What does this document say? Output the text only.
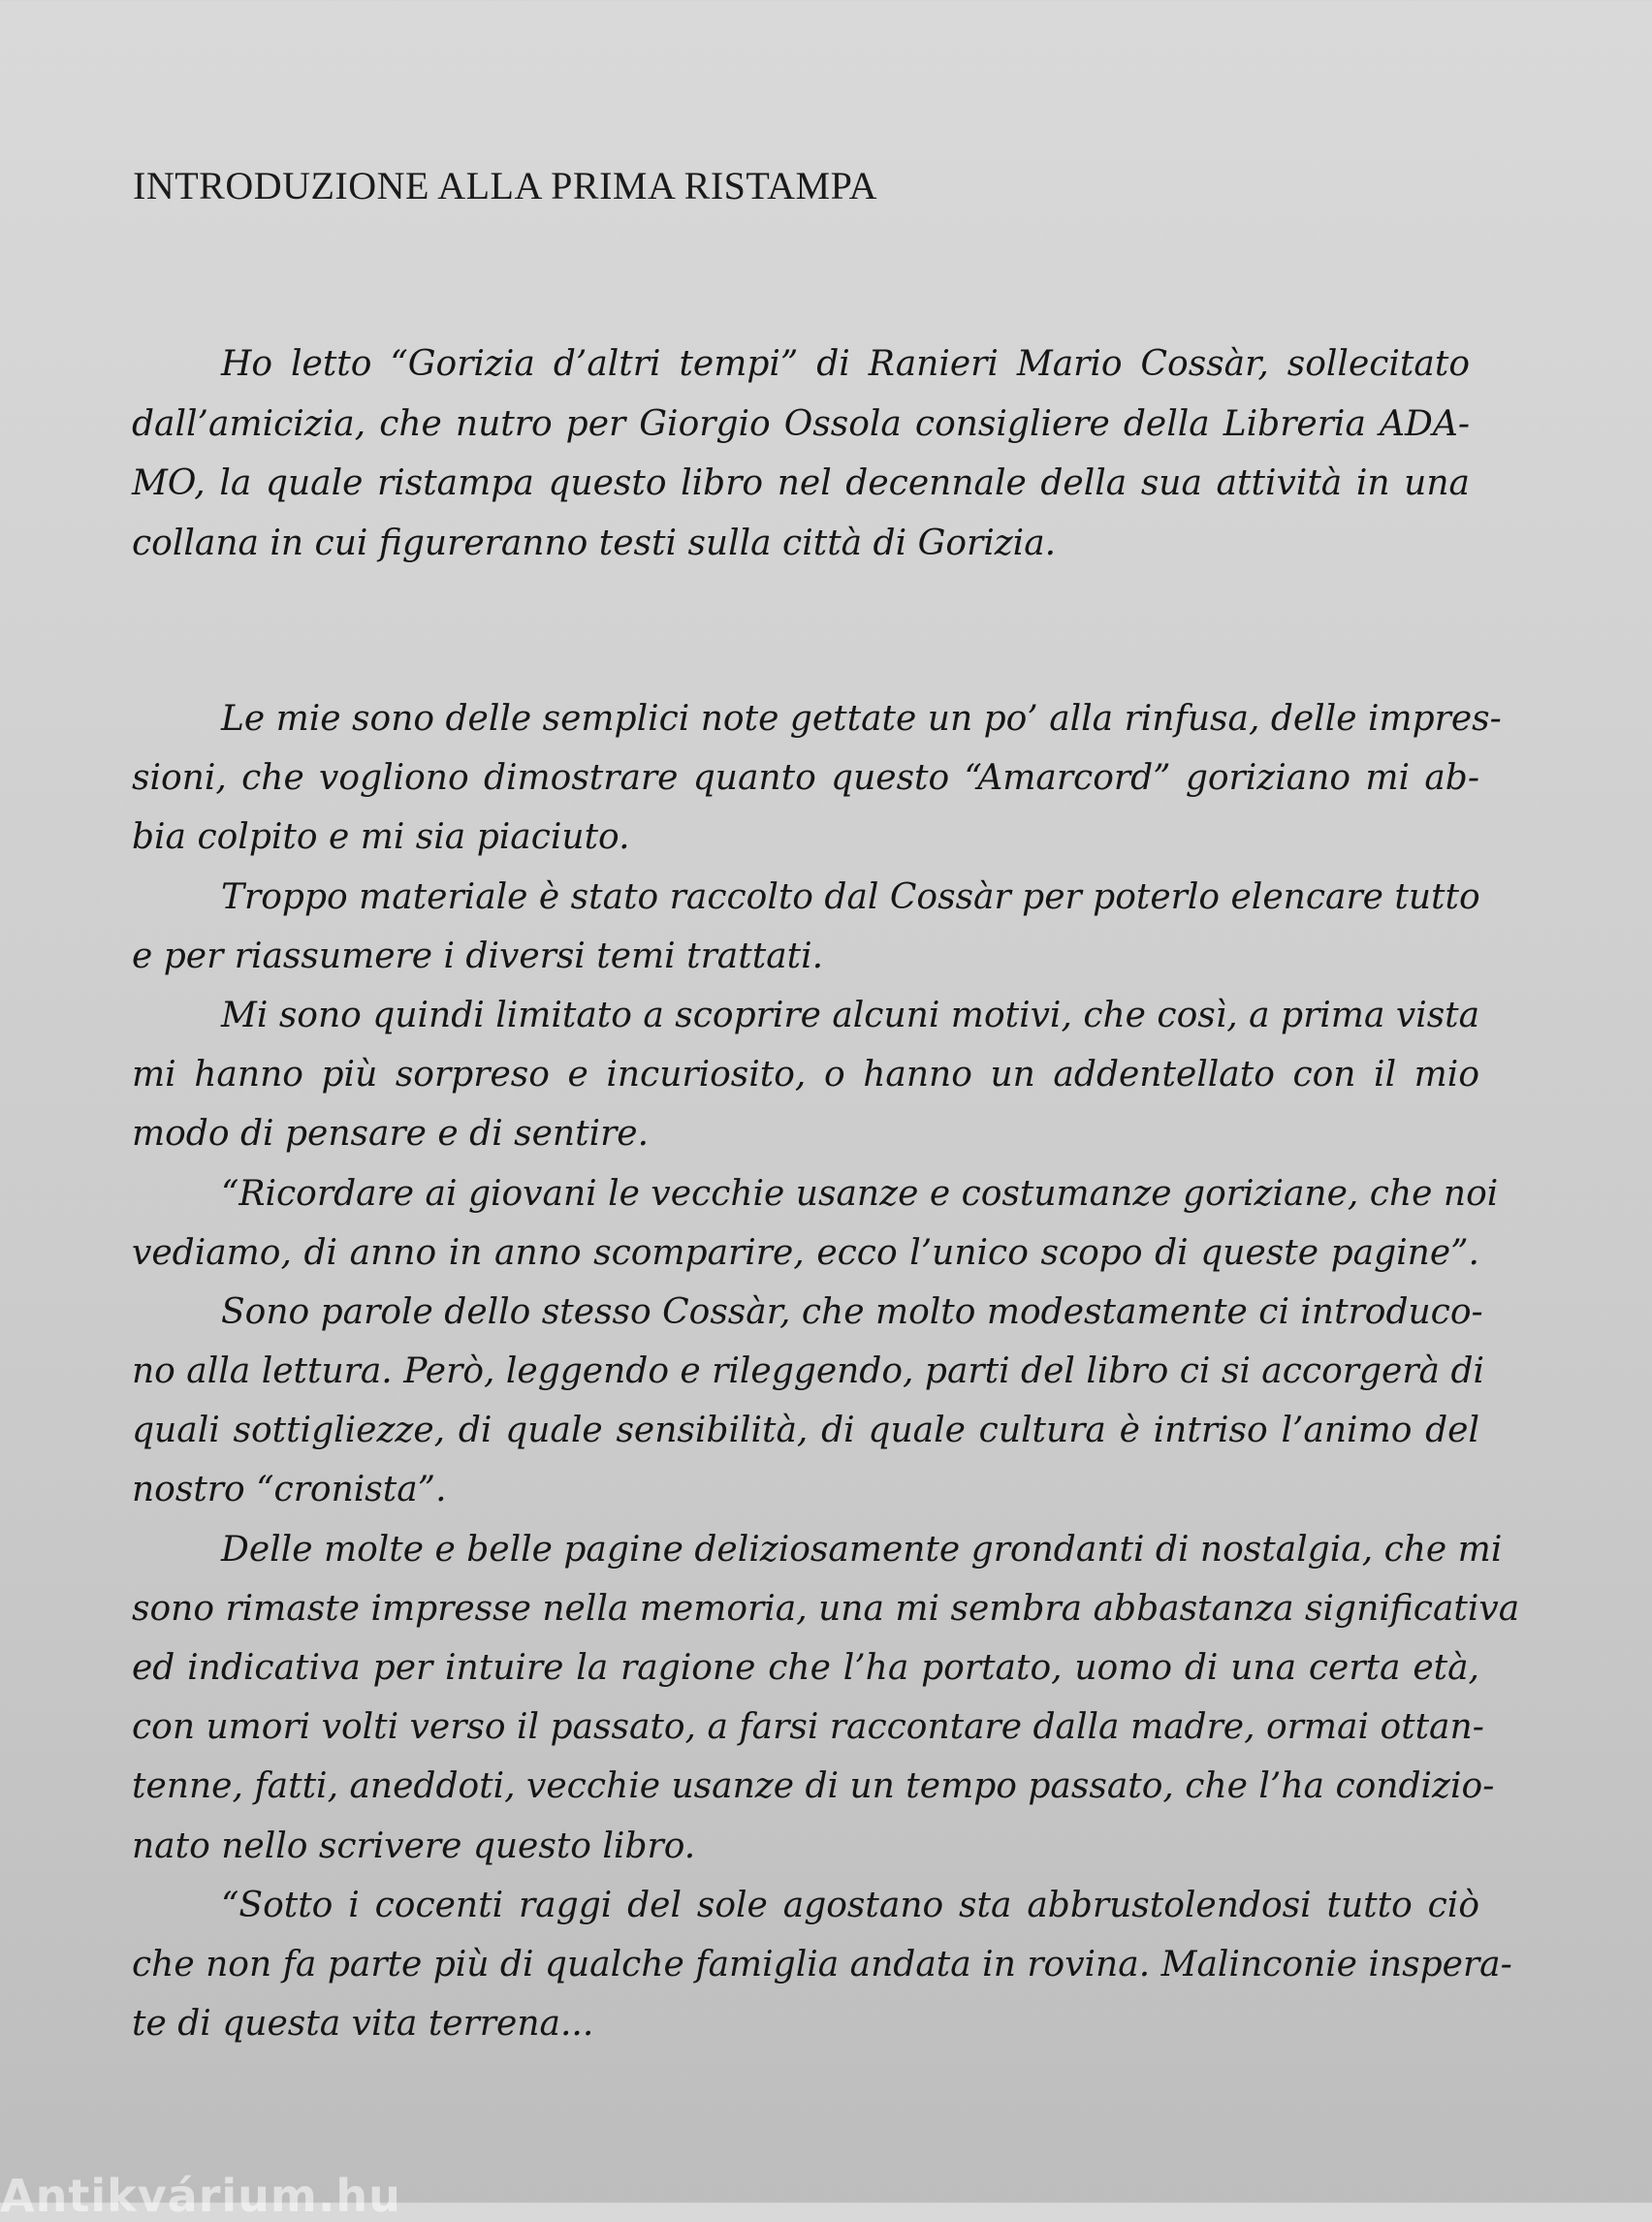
INTRODUZIONE ALLA PRIMA RISTAMPA
Ho letto “Gorizia d’altri tempi” di Ranieri Mario Cossàr, sollecitato
dall’amicizia, che nutro per Giorgio Ossola consigliere della Libreria ADA-
MO, la quale ristampa questo libro nel decennale della sua attività in una
collana in cui figureranno testi sulla città di Gorizia.
Le mie sono delle semplici note gettate un po’ alla rinfusa, delle impres-
sioni, che vogliono dimostrare quanto questo “Amarcord” goriziano mi ab-
bia colpito e mi sia piaciuto.
Troppo materiale è stato raccolto dal Cossàr per poterlo elencare tutto
e per riassumere i diversi temi trattati.
Mi sono quindi limitato a scoprire alcuni motivi, che così, a prima vista
mi hanno più sorpreso e incuriosito, o hanno un addentellato con il mio
modo di pensare e di sentire.
“Ricordare ai giovani le vecchie usanze e costumanze goriziane, che noi
vediamo, di anno in anno scomparire, ecco l’unico scopo di queste pagine”.
Sono parole dello stesso Cossàr, che molto modestamente ci introduco-
no alla lettura. Però, leggendo e rileggendo, parti del libro ci si accorgerà di
quali sottigliezze, di quale sensibilità, di quale cultura è intriso l’animo del
nostro “cronista”.
Delle molte e belle pagine deliziosamente grondanti di nostalgia, che mi
sono rimaste impresse nella memoria, una mi sembra abbastanza significativa
ed indicativa per intuire la ragione che l’ha portato, uomo di una certa età,
con umori volti verso il passato, a farsi raccontare dalla madre, ormai ottan-
tenne, fatti, aneddoti, vecchie usanze di un tempo passato, che l’ha condizio-
nato nello scrivere questo libro.
“Sotto i cocenti raggi del sole agostano sta abbrustolendosi tutto ciò
che non fa parte più di qualche famiglia andata in rovina. Malinconie insperа-
te di questa vita terrena...
Antikvárium.hu
